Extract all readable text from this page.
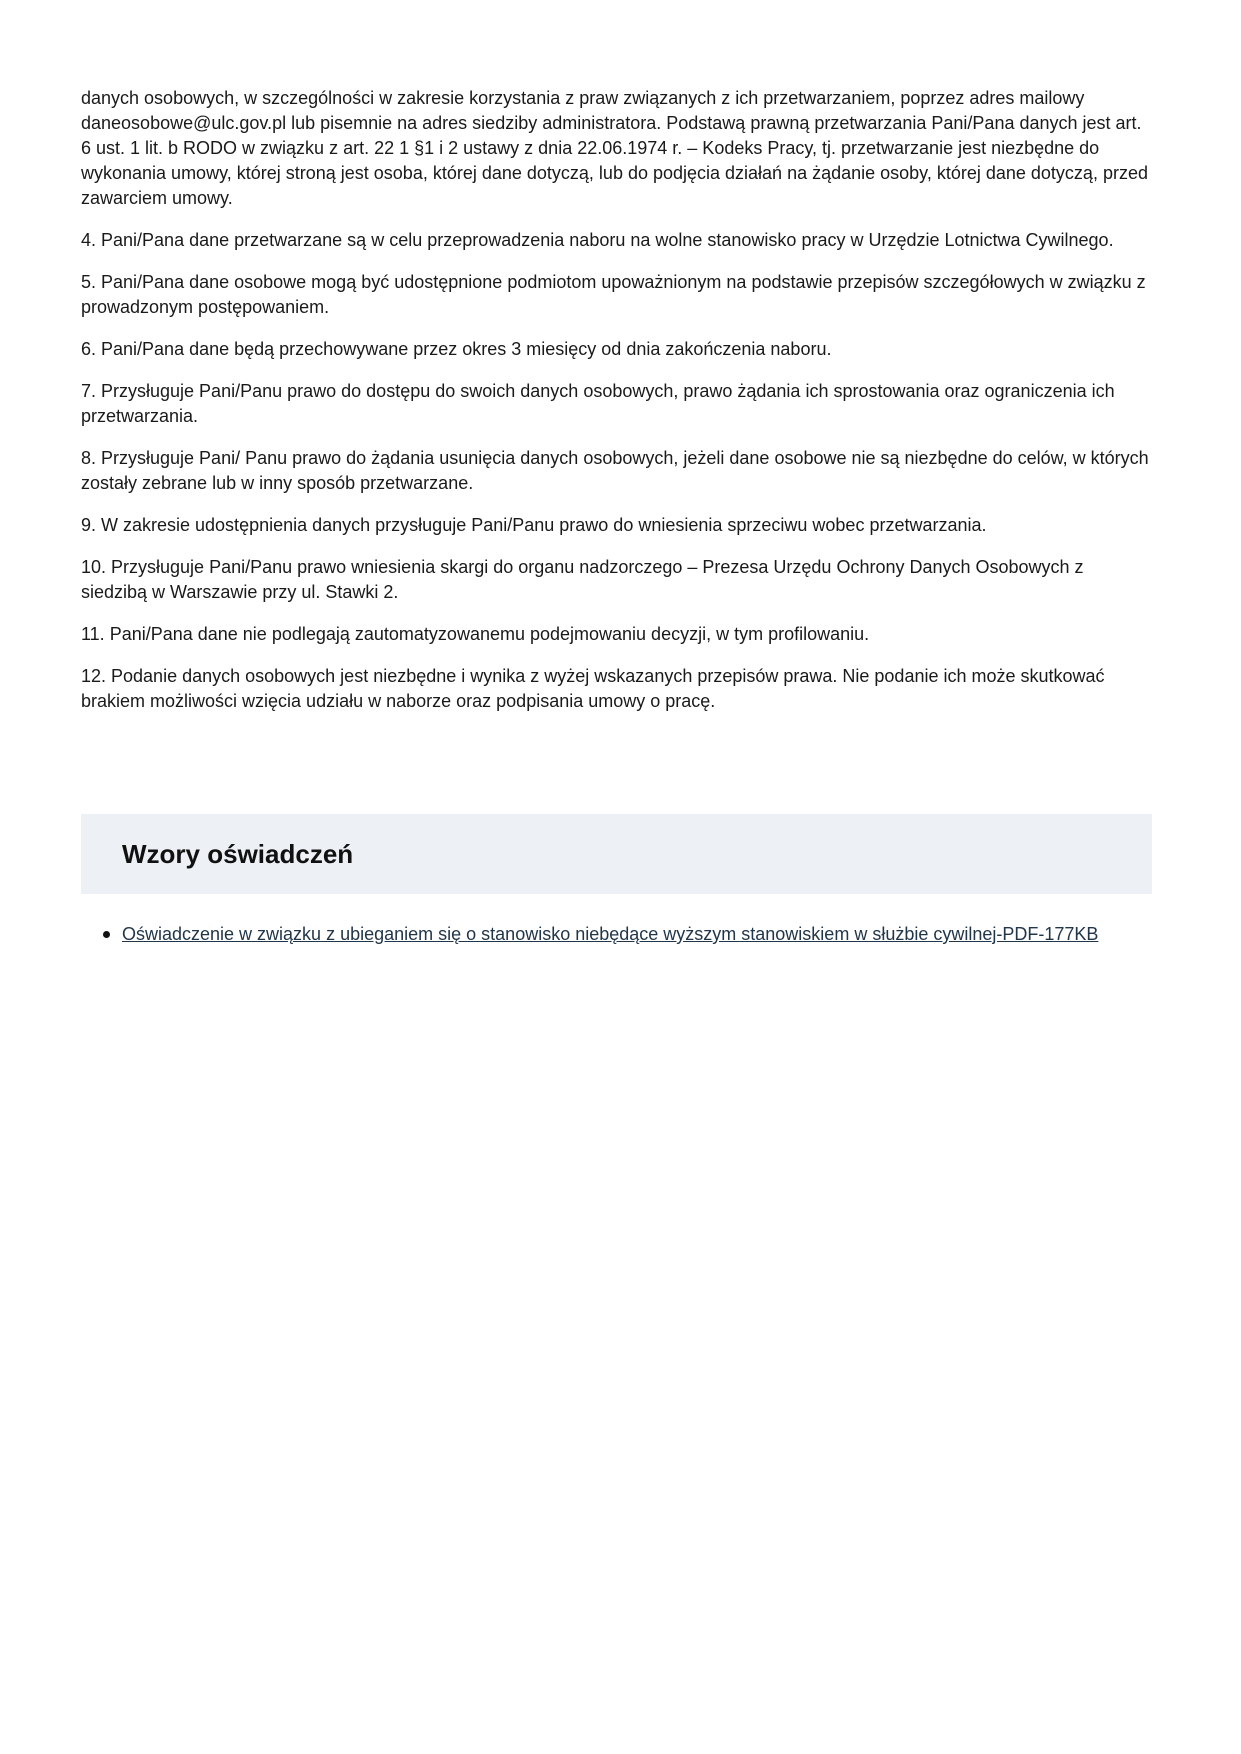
danych osobowych, w szczególności w zakresie korzystania z praw związanych z ich przetwarzaniem, poprzez adres mailowy daneosobowe@ulc.gov.pl lub pisemnie na adres siedziby administratora. Podstawą prawną przetwarzania Pani/Pana danych jest art. 6 ust. 1 lit. b RODO w związku z art. 22 1 §1 i 2 ustawy z dnia 22.06.1974 r. – Kodeks Pracy, tj. przetwarzanie jest niezbędne do wykonania umowy, której stroną jest osoba, której dane dotyczą, lub do podjęcia działań na żądanie osoby, której dane dotyczą, przed zawarciem umowy.

4. Pani/Pana dane przetwarzane są w celu przeprowadzenia naboru na wolne stanowisko pracy w Urzędzie Lotnictwa Cywilnego.

5. Pani/Pana dane osobowe mogą być udostępnione podmiotom upoważnionym na podstawie przepisów szczegółowych w związku z prowadzonym postępowaniem.

6. Pani/Pana dane będą przechowywane przez okres 3 miesięcy od dnia zakończenia naboru.

7. Przysługuje Pani/Panu prawo do dostępu do swoich danych osobowych, prawo żądania ich sprostowania oraz ograniczenia ich przetwarzania.

8. Przysługuje Pani/ Panu prawo do żądania usunięcia danych osobowych, jeżeli dane osobowe nie są niezbędne do celów, w których zostały zebrane lub w inny sposób przetwarzane.

9. W zakresie udostępnienia danych przysługuje Pani/Panu prawo do wniesienia sprzeciwu wobec przetwarzania.

10. Przysługuje Pani/Panu prawo wniesienia skargi do organu nadzorczego – Prezesa Urzędu Ochrony Danych Osobowych z siedzibą w Warszawie przy ul. Stawki 2.

11. Pani/Pana dane nie podlegają zautomatyzowanemu podejmowaniu decyzji, w tym profilowaniu.

12. Podanie danych osobowych jest niezbędne i wynika z wyżej wskazanych przepisów prawa. Nie podanie ich może skutkować brakiem możliwości wzięcia udziału w naborze oraz podpisania umowy o pracę.

Wzory oświadczeń
Oświadczenie w związku z ubieganiem się o stanowisko niebędące wyższym stanowiskiem w służbie cywilnej-PDF-177KB
